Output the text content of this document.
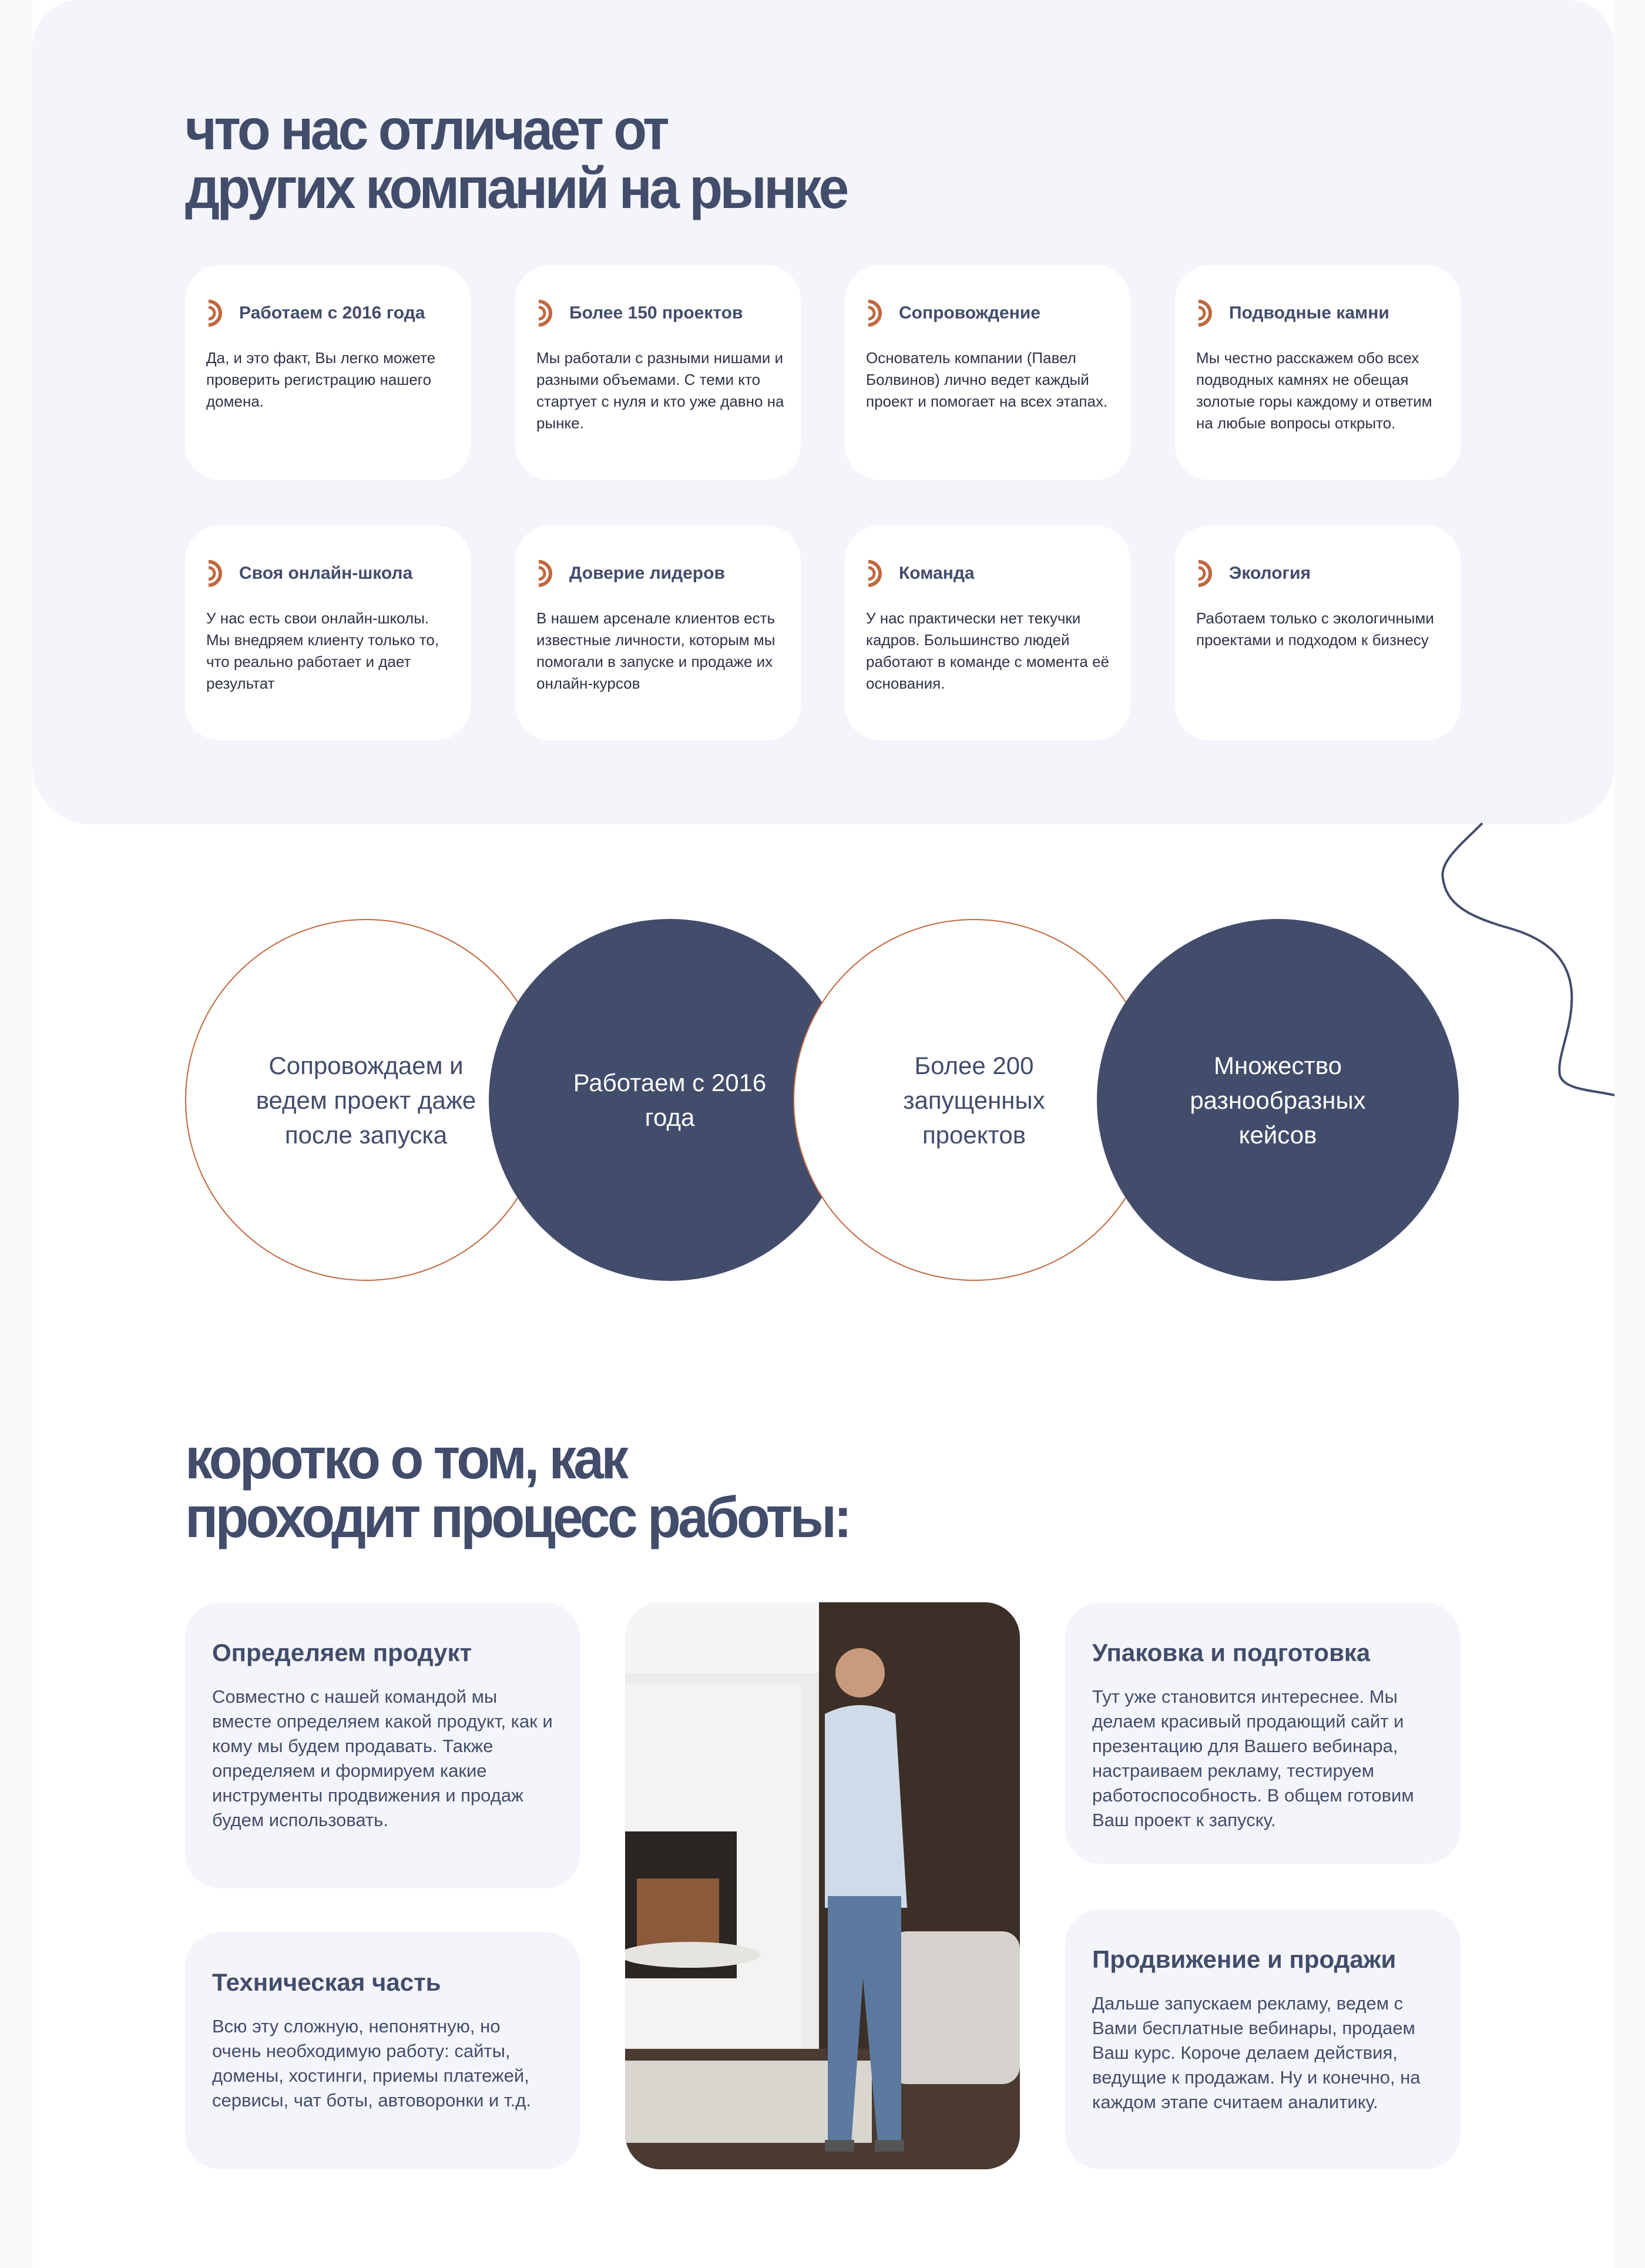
что нас отличает от
других компаний на рынке
Работаем с 2016 года
Да, и это факт, Вы легко можете проверить регистрацию нашего домена.
Более 150 проектов
Мы работали с разными нишами и разными объемами. С теми кто стартует с нуля и кто уже давно на рынке.
Сопровождение
Основатель компании (Павел Болвинов) лично ведет каждый проект и помогает на всех этапах.
Подводные камни
Мы честно расскажем обо всех подводных камнях не обещая золотые горы каждому и ответим на любые вопросы открыто.
Своя онлайн-школа
У нас есть свои онлайн-школы. Мы внедряем клиенту только то, что реально работает и дает результат
Доверие лидеров
В нашем арсенале клиентов есть известные личности, которым мы помогали в запуске и продаже их онлайн-курсов
Команда
У нас практически нет текучки кадров. Большинство людей работают в команде с момента её основания.
Экология
Работаем только с экологичными проектами и подходом к бизнесу
Сопровождаем и ведем проект даже после запуска
Работаем с 2016 года
Более 200 запущенных проектов
Множество разнообразных кейсов
коротко о том, как
проходит процесс работы:
Определяем продукт
Совместно с нашей командой мы вместе определяем какой продукт, как и кому мы будем продавать. Также определяем и формируем какие инструменты продвижения и продаж будем использовать.
Техническая часть
Всю эту сложную, непонятную, но очень необходимую работу: сайты, домены, хостинги, приемы платежей, сервисы, чат боты, автоворонки и т.д.
Упаковка и подготовка
Тут уже становится интереснее. Мы делаем красивый продающий сайт и презентацию для Вашего вебинара, настраиваем рекламу, тестируем работоспособность. В общем готовим Ваш проект к запуску.
Продвижение и продажи
Дальше запускаем рекламу, ведем с Вами бесплатные вебинары, продаем Ваш курс. Короче делаем действия, ведущие к продажам. Ну и конечно, на каждом этапе считаем аналитику.
